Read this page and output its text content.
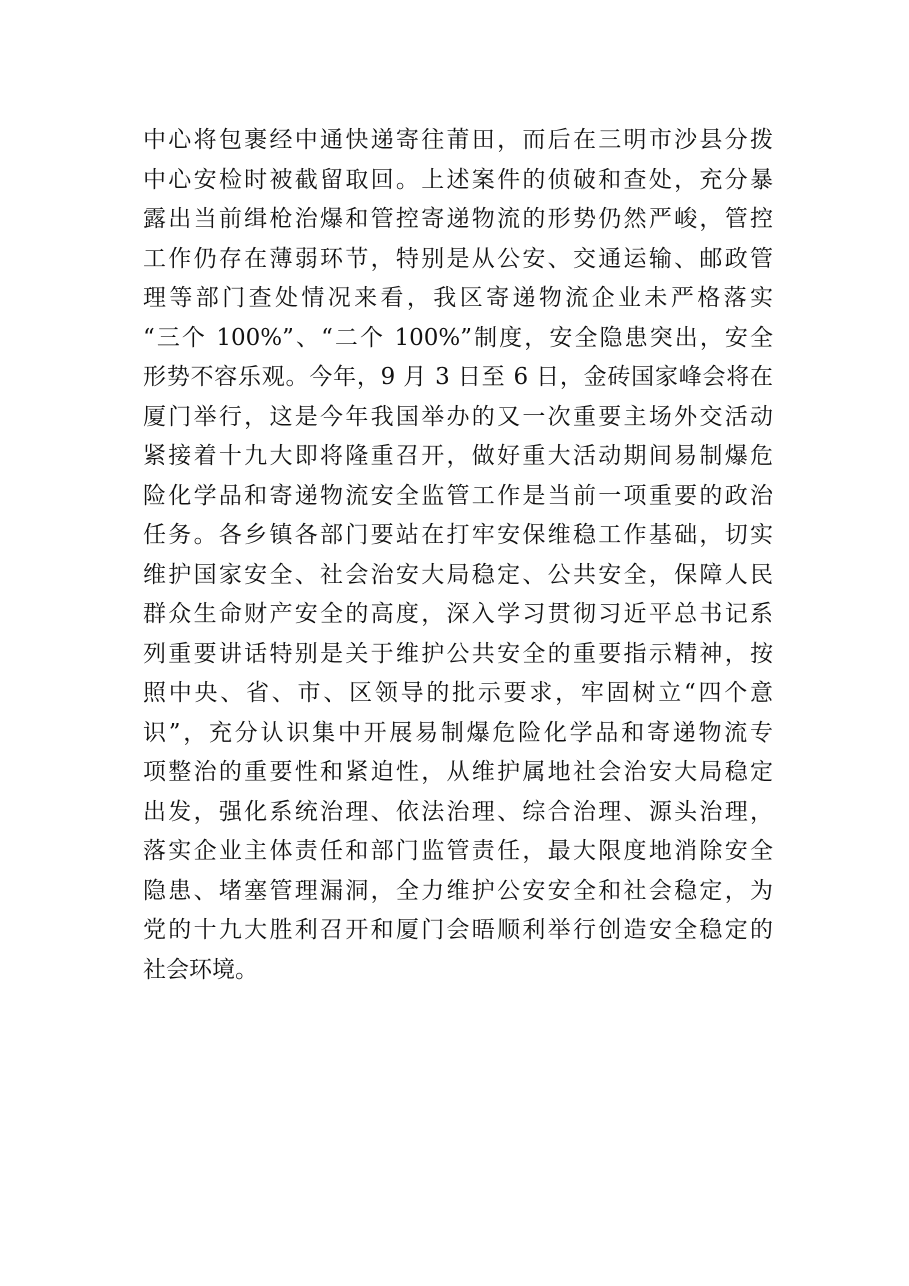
中心将包裹经中通快递寄往莆田，而后在三明市沙县分拨
中心安检时被截留取回。上述案件的侦破和查处，充分暴
露出当前缉枪治爆和管控寄递物流的形势仍然严峻，管控
工作仍存在薄弱环节，特别是从公安、交通运输、邮政管
理等部门查处情况来看，我区寄递物流企业未严格落实
“三个 100%”、“二个 100%”制度，安全隐患突出，安全
形势不容乐观。今年，9 月 3 日至 6 日，金砖国家峰会将在
厦门举行，这是今年我国举办的又一次重要主场外交活动
紧接着十九大即将隆重召开，做好重大活动期间易制爆危
险化学品和寄递物流安全监管工作是当前一项重要的政治
任务。各乡镇各部门要站在打牢安保维稳工作基础，切实
维护国家安全、社会治安大局稳定、公共安全，保障人民
群众生命财产安全的高度，深入学习贯彻习近平总书记系
列重要讲话特别是关于维护公共安全的重要指示精神，按
照中央、省、市、区领导的批示要求，牢固树立“四个意
识”，充分认识集中开展易制爆危险化学品和寄递物流专
项整治的重要性和紧迫性，从维护属地社会治安大局稳定
出发，强化系统治理、依法治理、综合治理、源头治理，
落实企业主体责任和部门监管责任，最大限度地消除安全
隐患、堵塞管理漏洞，全力维护公安安全和社会稳定，为
党的十九大胜利召开和厦门会晤顺利举行创造安全稳定的
社会环境。
